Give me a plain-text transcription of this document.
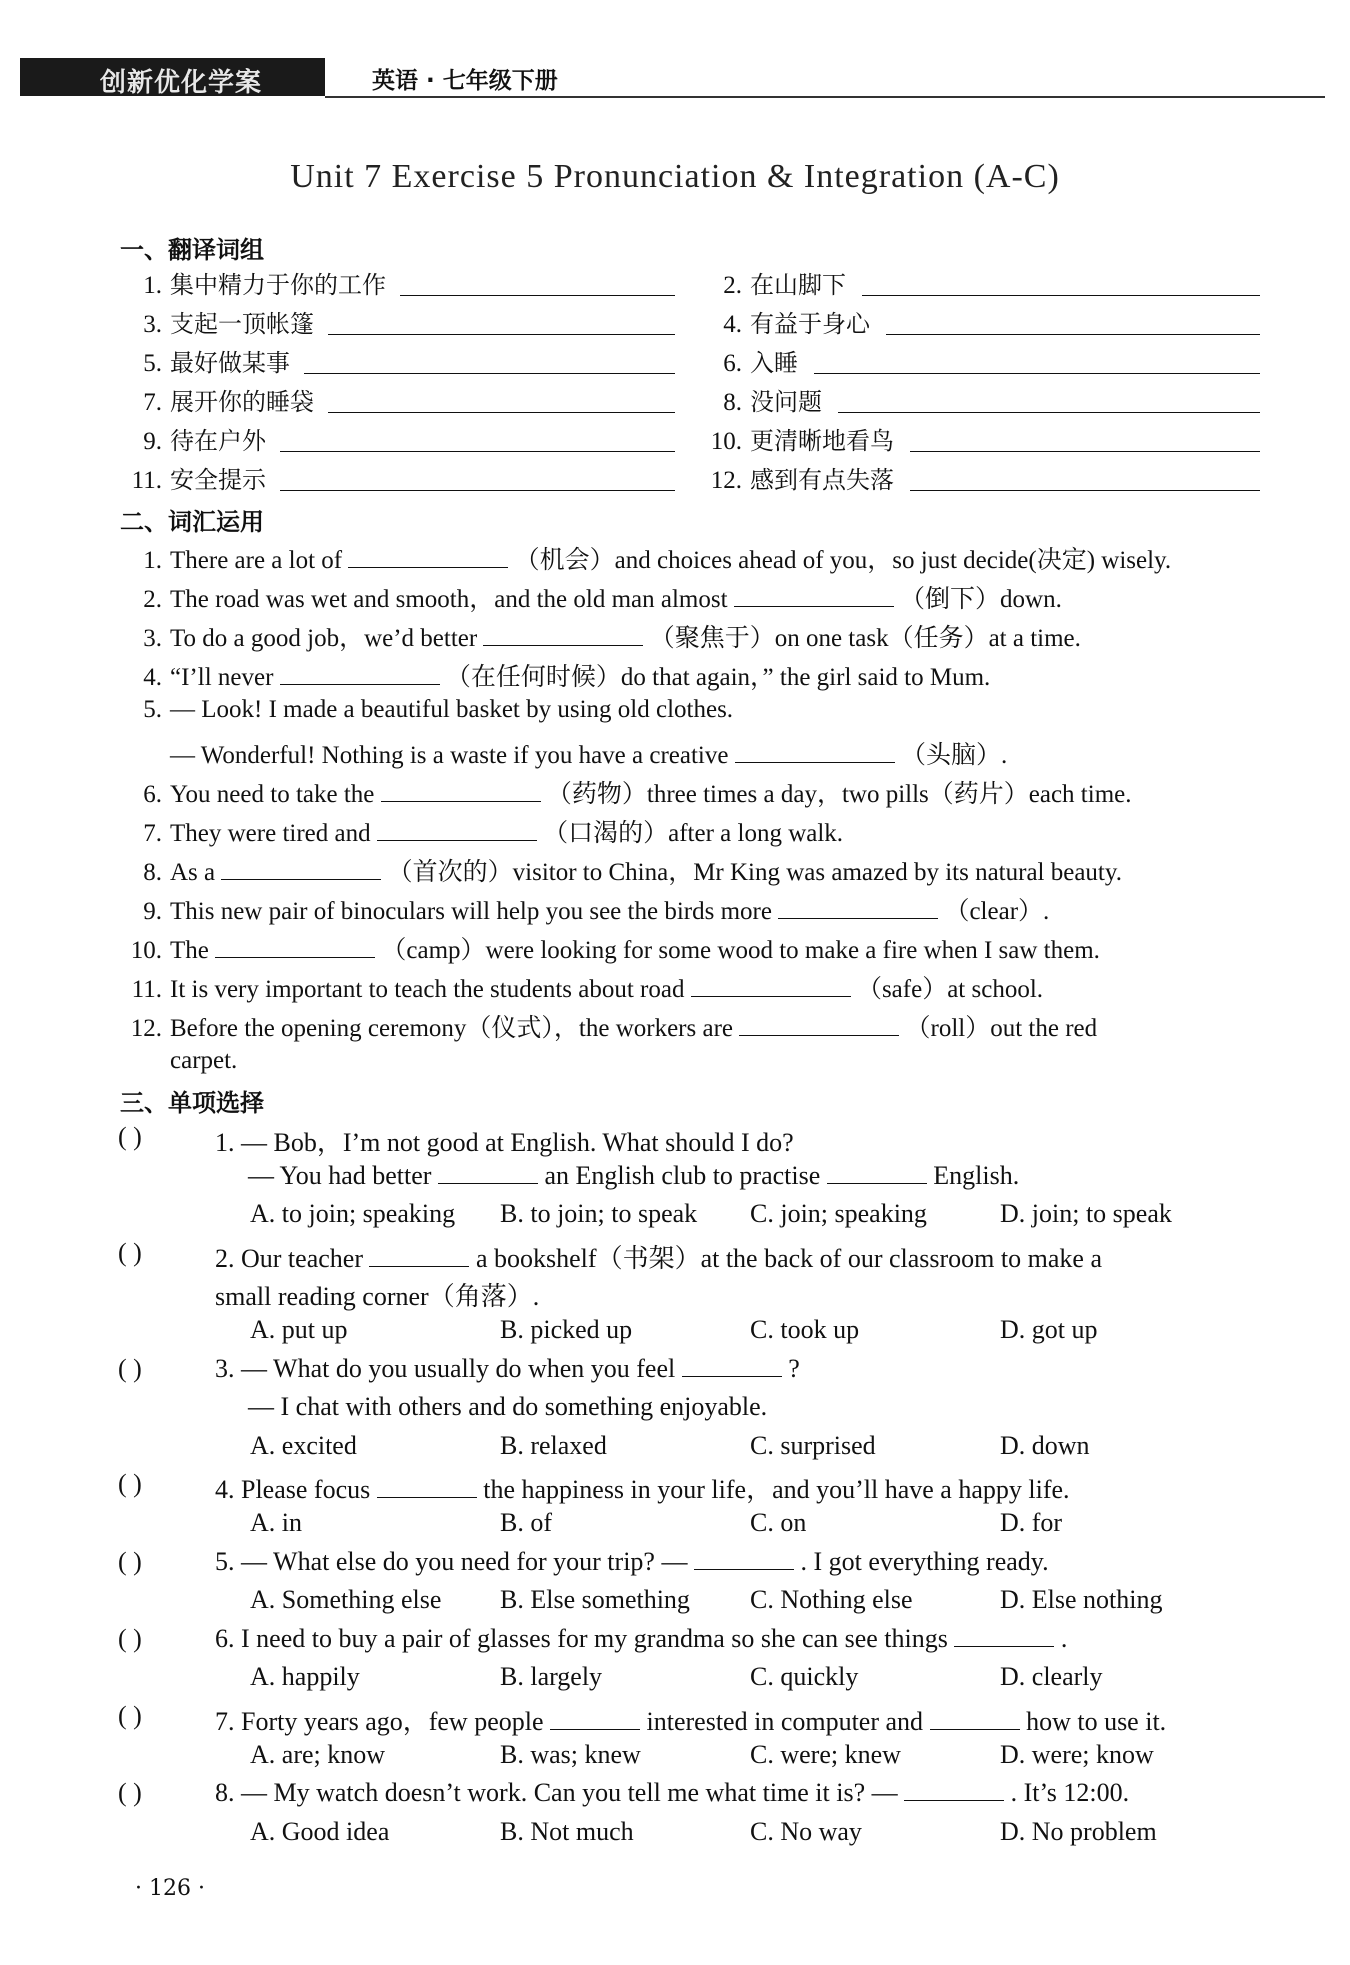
创新优化学案	英语 · 七年级下册
Unit 7 Exercise 5 Pronunciation & Integration (A-C)
一、翻译词组
1. 集中精力于你的工作	2. 在山脚下
3. 支起一顶帐篷	4. 有益于身心
5. 最好做某事	6. 入睡
7. 展开你的睡袋	8. 没问题
9. 待在户外	10. 更清晰地看鸟
11. 安全提示	12. 感到有点失落
二、词汇运用
1. There are a lot of	（机会）and choices ahead of you，so just decide(决定) wisely.
2. The road was wet and smooth，and the old man almost	（倒下）down.
3. To do a good job，we’d better	（聚焦于）on one task（任务）at a time.
4. “I’ll never	（在任何时候）do that again，” the girl said to Mum.
5. — Look! I made a beautiful basket by using old clothes.
— Wonderful! Nothing is a waste if you have a creative	（头脑）.
6. You need to take the	（药物）three times a day，two pills（药片）each time.
7. They were tired and	（口渴的）after a long walk.
8. As a	（首次的）visitor to China，Mr King was amazed by its natural beauty.
9. This new pair of binoculars will help you see the birds more	（clear）.
10. The	（camp）were looking for some wood to make a fire when I saw them.
11. It is very important to teach the students about road	（safe）at school.
12. Before the opening ceremony（仪式），the workers are	（roll）out the red
carpet.
三、单项选择
( )	1. — Bob，I’m not good at English. What should I do?
— You had better	an English club to practise	English.
A. to join; speaking B. to join; to speak C. join; speaking	D. join; to speak
( )	2. Our teacher	a bookshelf（书架）at the back of our classroom to make a
small reading corner（角落）.
A. put up	B. picked up	C. took up	D. got up
( )	3. — What do you usually do when you feel	?
— I chat with others and do something enjoyable.
A. excited	B. relaxed	C. surprised	D. down
( )	4. Please focus	the happiness in your life，and you’ll have a happy life.
A. in	B. of	C. on	D. for
( )	5. — What else do you need for your trip? —	. I got everything ready.
A. Something else B. Else something C. Nothing else	D. Else nothing
( )	6. I need to buy a pair of glasses for my grandma so she can see things	.
A. happily	B. largely	C. quickly	D. clearly
( )	7. Forty years ago，few people	interested in computer and	how to use it.
A. are; know	B. was; knew	C. were; knew	D. were; know
( )	8. — My watch doesn’t work. Can you tell me what time it is? —	. It’s 12:00.
A. Good idea	B. Not much	C. No way	D. No problem
· 126 ·
